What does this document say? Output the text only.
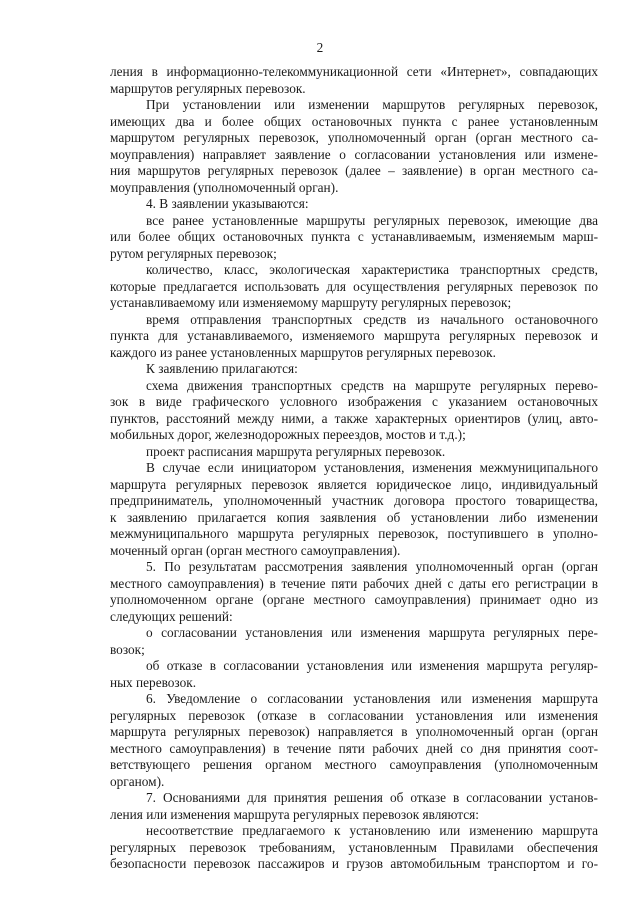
2
ления в информационно-телекоммуникационной сети «Интернет», совпадающих
маршрутов регулярных перевозок.
При установлении или изменении маршрутов регулярных перевозок,
имеющих два и более общих остановочных пункта с ранее установленным
маршрутом регулярных перевозок, уполномоченный орган (орган местного са-
моуправления) направляет заявление о согласовании установления или измене-
ния маршрутов регулярных перевозок (далее – заявление) в орган местного са-
моуправления (уполномоченный орган).
4. В заявлении указываются:
все ранее установленные маршруты регулярных перевозок, имеющие два
или более общих остановочных пункта с устанавливаемым, изменяемым марш-
рутом регулярных перевозок;
количество, класс, экологическая характеристика транспортных средств,
которые предлагается использовать для осуществления регулярных перевозок по
устанавливаемому или изменяемому маршруту регулярных перевозок;
время отправления транспортных средств из начального остановочного
пункта для устанавливаемого, изменяемого маршрута регулярных перевозок и
каждого из ранее установленных маршрутов регулярных перевозок.
К заявлению прилагаются:
схема движения транспортных средств на маршруте регулярных перево-
зок в виде графического условного изображения с указанием остановочных
пунктов, расстояний между ними, а также характерных ориентиров (улиц, авто-
мобильных дорог, железнодорожных переездов, мостов и т.д.);
проект расписания маршрута регулярных перевозок.
В случае если инициатором установления, изменения межмуниципального
маршрута регулярных перевозок является юридическое лицо, индивидуальный
предприниматель, уполномоченный участник договора простого товарищества,
к заявлению прилагается копия заявления об установлении либо изменении
межмуниципального маршрута регулярных перевозок, поступившего в уполно-
моченный орган (орган местного самоуправления).
5. По результатам рассмотрения заявления уполномоченный орган (орган
местного самоуправления) в течение пяти рабочих дней с даты его регистрации в
уполномоченном органе (органе местного самоуправления) принимает одно из
следующих решений:
о согласовании установления или изменения маршрута регулярных пере-
возок;
об отказе в согласовании установления или изменения маршрута регуляр-
ных перевозок.
6. Уведомление о согласовании установления или изменения маршрута
регулярных перевозок (отказе в согласовании установления или изменения
маршрута регулярных перевозок) направляется в уполномоченный орган (орган
местного самоуправления) в течение пяти рабочих дней со дня принятия соот-
ветствующего решения органом местного самоуправления (уполномоченным
органом).
7. Основаниями для принятия решения об отказе в согласовании установ-
ления или изменения маршрута регулярных перевозок являются:
несоответствие предлагаемого к установлению или изменению маршрута
регулярных перевозок требованиям, установленным Правилами обеспечения
безопасности перевозок пассажиров и грузов автомобильным транспортом и го-
